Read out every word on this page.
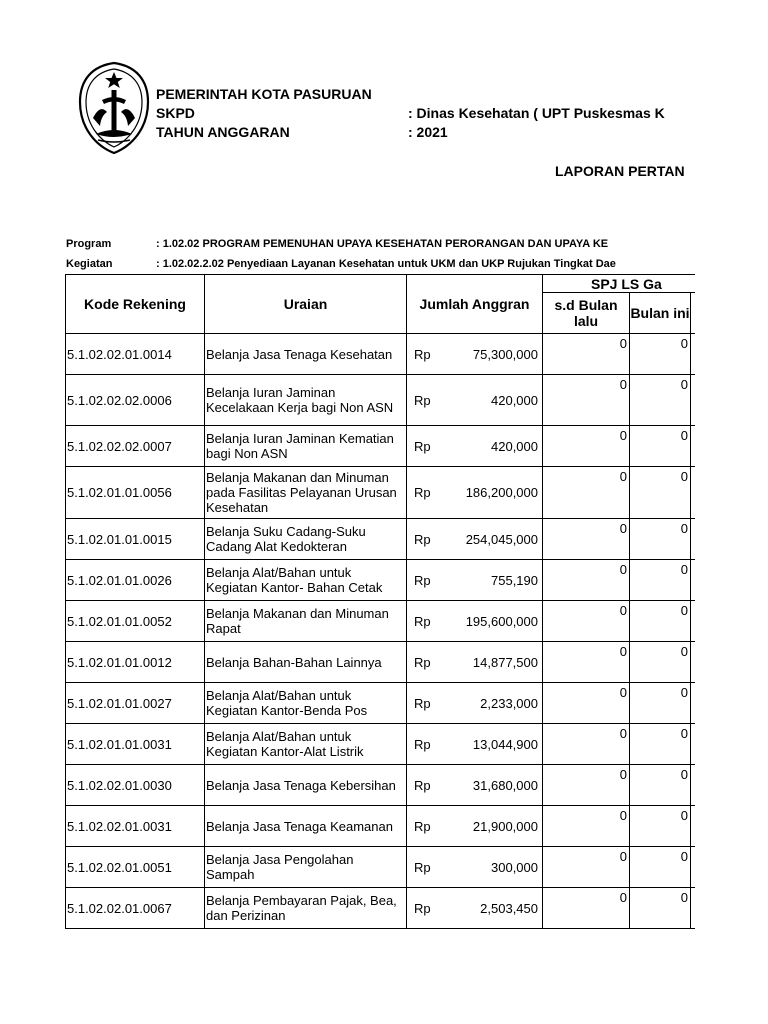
PEMERINTAH KOTA PASURUAN
SKPD	: Dinas Kesehatan ( UPT Puskesmas K
TAHUN ANGGARAN	: 2021
LAPORAN PERTAN
Program	: 1.02.02 PROGRAM PEMENUHAN UPAYA KESEHATAN PERORANGAN DAN UPAYA KE
Kegiatan	: 1.02.02.2.02 Penyediaan Layanan Kesehatan untuk UKM dan UKP Rujukan Tingkat Dae
Kode Rekening	Uraian	Jumlah Anggran		SPJ LS Ga		
				s.d Bulan lalu	Bulan ini	
5.1.02.02.01.0014	Belanja Jasa Tenaga Kesehatan	Rp	75,300,000	0	0	
5.1.02.02.02.0006	Belanja Iuran Jaminan Kecelakaan Kerja bagi Non ASN	Rp	420,000	0	0	
5.1.02.02.02.0007	Belanja Iuran Jaminan Kematian bagi Non ASN	Rp	420,000	0	0	
5.1.02.01.01.0056	Belanja Makanan dan Minuman pada Fasilitas Pelayanan Urusan Kesehatan	Rp	186,200,000	0	0	
5.1.02.01.01.0015	Belanja Suku Cadang-Suku Cadang Alat Kedokteran	Rp	254,045,000	0	0	
5.1.02.01.01.0026	Belanja Alat/Bahan untuk Kegiatan Kantor- Bahan Cetak	Rp	755,190	0	0	
5.1.02.01.01.0052	Belanja Makanan dan Minuman Rapat	Rp	195,600,000	0	0	
5.1.02.01.01.0012	Belanja Bahan-Bahan Lainnya	Rp	14,877,500	0	0	
5.1.02.01.01.0027	Belanja Alat/Bahan untuk Kegiatan Kantor-Benda Pos	Rp	2,233,000	0	0	
5.1.02.01.01.0031	Belanja Alat/Bahan untuk Kegiatan Kantor-Alat Listrik	Rp	13,044,900	0	0	
5.1.02.02.01.0030	Belanja Jasa Tenaga Kebersihan	Rp	31,680,000	0	0	
5.1.02.02.01.0031	Belanja Jasa Tenaga Keamanan	Rp	21,900,000	0	0	
5.1.02.02.01.0051	Belanja Jasa Pengolahan Sampah	Rp	300,000	0	0	
5.1.02.02.01.0067	Belanja Pembayaran Pajak, Bea, dan Perizinan	Rp	2,503,450	0	0	
